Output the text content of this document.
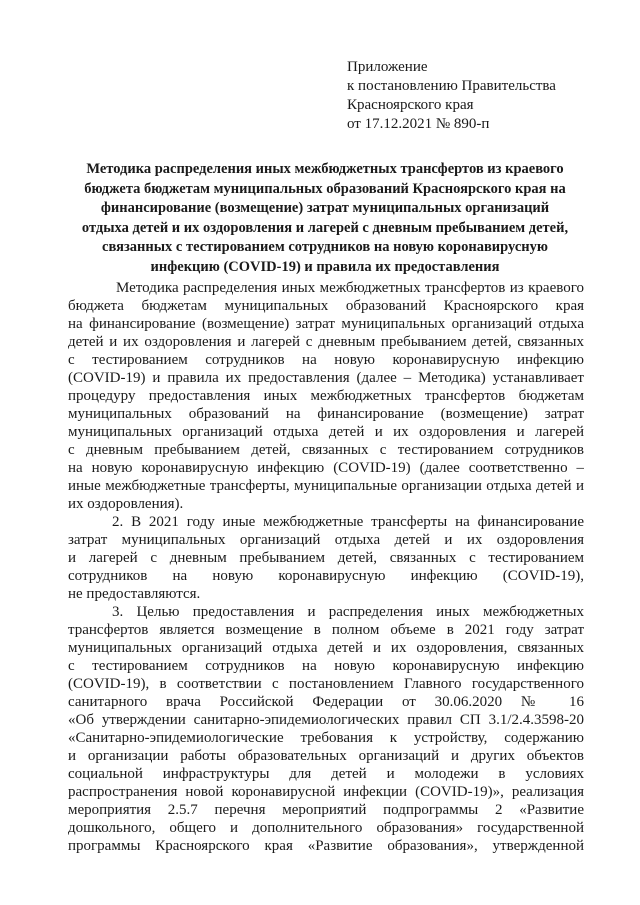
Приложение
к постановлению Правительства
Красноярского края
от 17.12.2021 № 890-п
Методика распределения иных межбюджетных трансфертов из краевого
бюджета бюджетам муниципальных образований Красноярского края на
финансирование (возмещение) затрат муниципальных организаций
отдыха детей и их оздоровления и лагерей с дневным пребыванием детей,
связанных с тестированием сотрудников на новую коронавирусную
инфекцию (COVID-19) и правила их предоставления
Методика распределения иных межбюджетных трансфертов из краевого
бюджета бюджетам муниципальных образований Красноярского края
на финансирование (возмещение) затрат муниципальных организаций отдыха
детей и их оздоровления и лагерей с дневным пребыванием детей, связанных
с тестированием сотрудников на новую коронавирусную инфекцию
(COVID-19) и правила их предоставления (далее – Методика) устанавливает
процедуру предоставления иных межбюджетных трансфертов бюджетам
муниципальных образований на финансирование (возмещение) затрат
муниципальных организаций отдыха детей и их оздоровления и лагерей
с дневным пребыванием детей, связанных с тестированием сотрудников
на новую коронавирусную инфекцию (COVID-19) (далее соответственно –
иные межбюджетные трансферты, муниципальные организации отдыха детей и
их оздоровления).
2. В 2021 году иные межбюджетные трансферты на финансирование
затрат муниципальных организаций отдыха детей и их оздоровления
и лагерей с дневным пребыванием детей, связанных с тестированием
сотрудников на новую коронавирусную инфекцию (COVID-19),
не предоставляются.
3. Целью предоставления и распределения иных межбюджетных
трансфертов является возмещение в полном объеме в 2021 году затрат
муниципальных организаций отдыха детей и их оздоровления, связанных
с тестированием сотрудников на новую коронавирусную инфекцию
(COVID-19), в соответствии с постановлением Главного государственного
санитарного врача Российской Федерации от 30.06.2020 № 16
«Об утверждении санитарно-эпидемиологических правил СП 3.1/2.4.3598-20
«Санитарно-эпидемиологические требования к устройству, содержанию
и организации работы образовательных организаций и других объектов
социальной инфраструктуры для детей и молодежи в условиях
распространения новой коронавирусной инфекции (COVID-19)», реализация
мероприятия 2.5.7 перечня мероприятий подпрограммы 2 «Развитие
дошкольного, общего и дополнительного образования» государственной
программы Красноярского края «Развитие образования», утвержденной
